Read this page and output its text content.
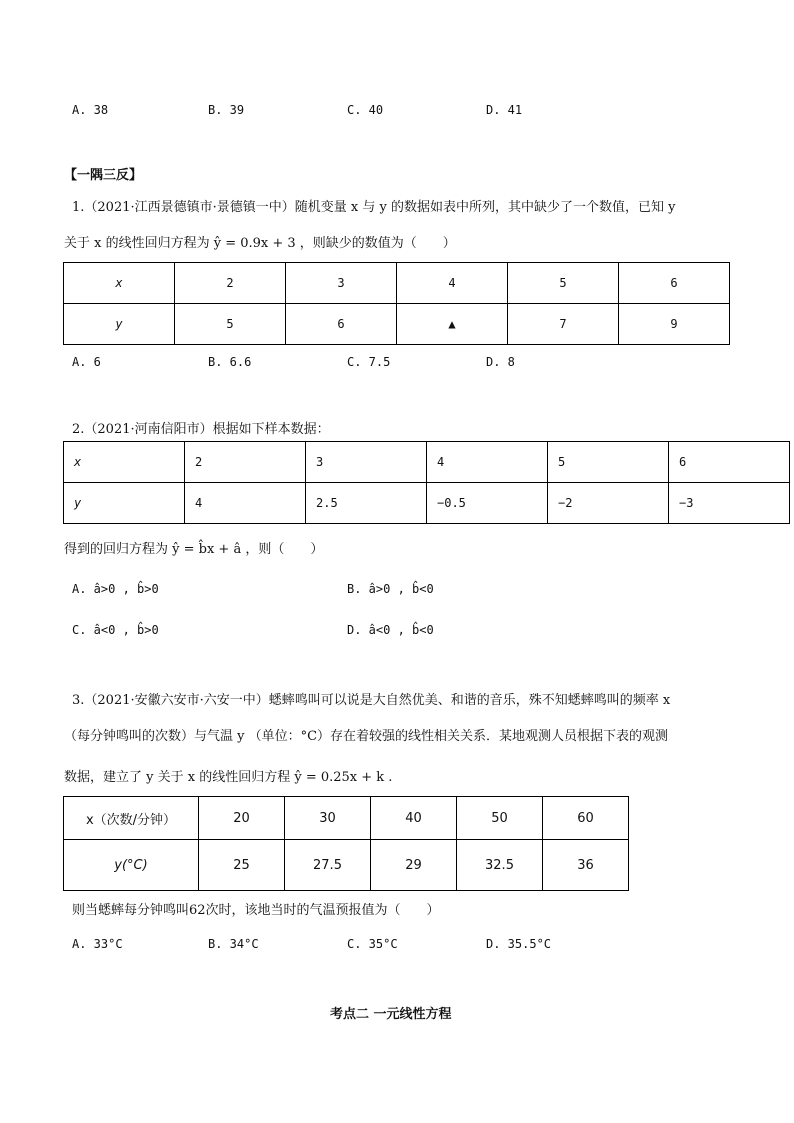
A. 38	B. 39	C. 40	D. 41
【一隅三反】
1.（2021·江西景德镇市·景德镇一中）随机变量 x 与 y 的数据如表中所列，其中缺少了一个数值，已知 y
关于 x 的线性回归方程为 ŷ = 0.9x + 3 ，则缺少的数值为（　　）
x	2	3	4	5	6
y	5	6	▲	7	9
A. 6	B. 6.6	C. 7.5	D. 8
2.（2021·河南信阳市）根据如下样本数据：
x	2	3	4	5	6
y	4	2.5	−0.5	−2	−3
得到的回归方程为 ŷ = b̂x + â ，则（　　）
A. â>0 , b̂>0	B. â>0 , b̂<0
C. â<0 , b̂>0	D. â<0 , b̂<0
3.（2021·安徽六安市·六安一中）蟋蟀鸣叫可以说是大自然优美、和谐的音乐，殊不知蟋蟀鸣叫的频率 x
（每分钟鸣叫的次数）与气温 y （单位：°C）存在着较强的线性相关关系．某地观测人员根据下表的观测
数据，建立了 y 关于 x 的线性回归方程 ŷ = 0.25x + k .
x（次数/分钟）	20	30	40	50	60
y(°C)	25	27.5	29	32.5	36
则当蟋蟀每分钟鸣叫62次时，该地当时的气温预报值为（　　）
A. 33°C	B. 34°C	C. 35°C	D. 35.5°C
考点二 一元线性方程
